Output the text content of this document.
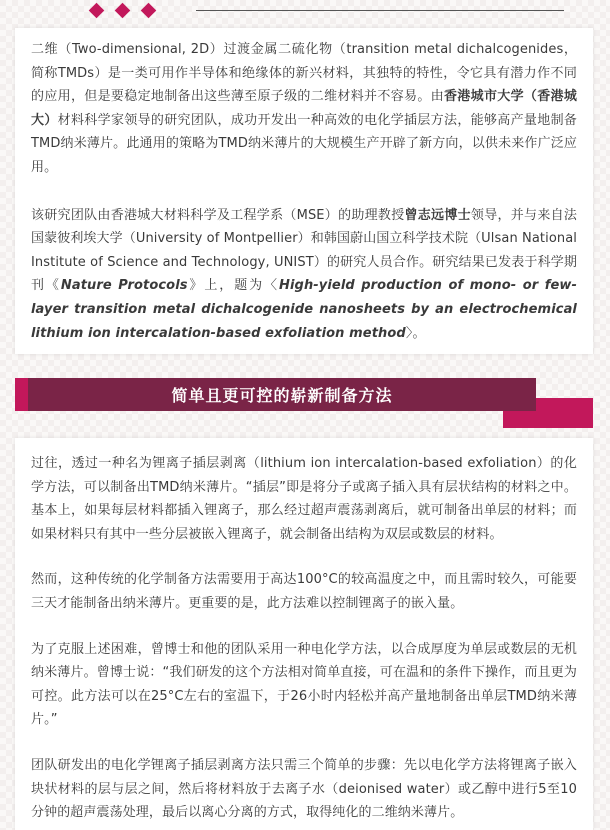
二维（Two-dimensional, 2D）过渡金属二硫化物（transition metal dichalcogenides，简称TMDs）是一类可用作半导体和绝缘体的新兴材料，其独特的特性，令它具有潜力作不同的应用，但是要稳定地制备出这些薄至原子级的二维材料并不容易。由香港城市大学（香港城大）材料科学家领导的研究团队，成功开发出一种高效的电化学插层方法，能够高产量地制备TMD纳米薄片。此通用的策略为TMD纳米薄片的大规模生产开辟了新方向，以供未来作广泛应用。

该研究团队由香港城大材料科学及工程学系（MSE）的助理教授曾志远博士领导，并与来自法国蒙彼利埃大学（University of Montpellier）和韩国蔚山国立科学技术院（Ulsan National Institute of Science and Technology, UNIST）的研究人员合作。研究结果已发表于科学期刊《Nature Protocols》上，题为〈High-yield production of mono- or few-layer transition metal dichalcogenide nanosheets by an electrochemical lithium ion intercalation-based exfoliation method〉。

简单且更可控的崭新制备方法

过往，透过一种名为锂离子插层剥离（lithium ion intercalation-based exfoliation）的化学方法，可以制备出TMD纳米薄片。“插层”即是将分子或离子插入具有层状结构的材料之中。基本上，如果每层材料都插入锂离子，那么经过超声震荡剥离后，就可制备出单层的材料；而如果材料只有其中一些分层被嵌入锂离子，就会制备出结构为双层或数层的材料。

然而，这种传统的化学制备方法需要用于高达100°C的较高温度之中，而且需时较久，可能要三天才能制备出纳米薄片。更重要的是，此方法难以控制锂离子的嵌入量。

为了克服上述困难，曾博士和他的团队采用一种电化学方法，以合成厚度为单层或数层的无机纳米薄片。曾博士说：“我们研发的这个方法相对简单直接，可在温和的条件下操作，而且更为可控。此方法可以在25°C左右的室温下，于26小时内轻松并高产量地制备出单层TMD纳米薄片。”

团队研发出的电化学锂离子插层剥离方法只需三个简单的步骤：先以电化学方法将锂离子嵌入块状材料的层与层之间，然后将材料放于去离子水（deionised water）或乙醇中进行5至10分钟的超声震荡处理，最后以离心分离的方式，取得纯化的二维纳米薄片。
